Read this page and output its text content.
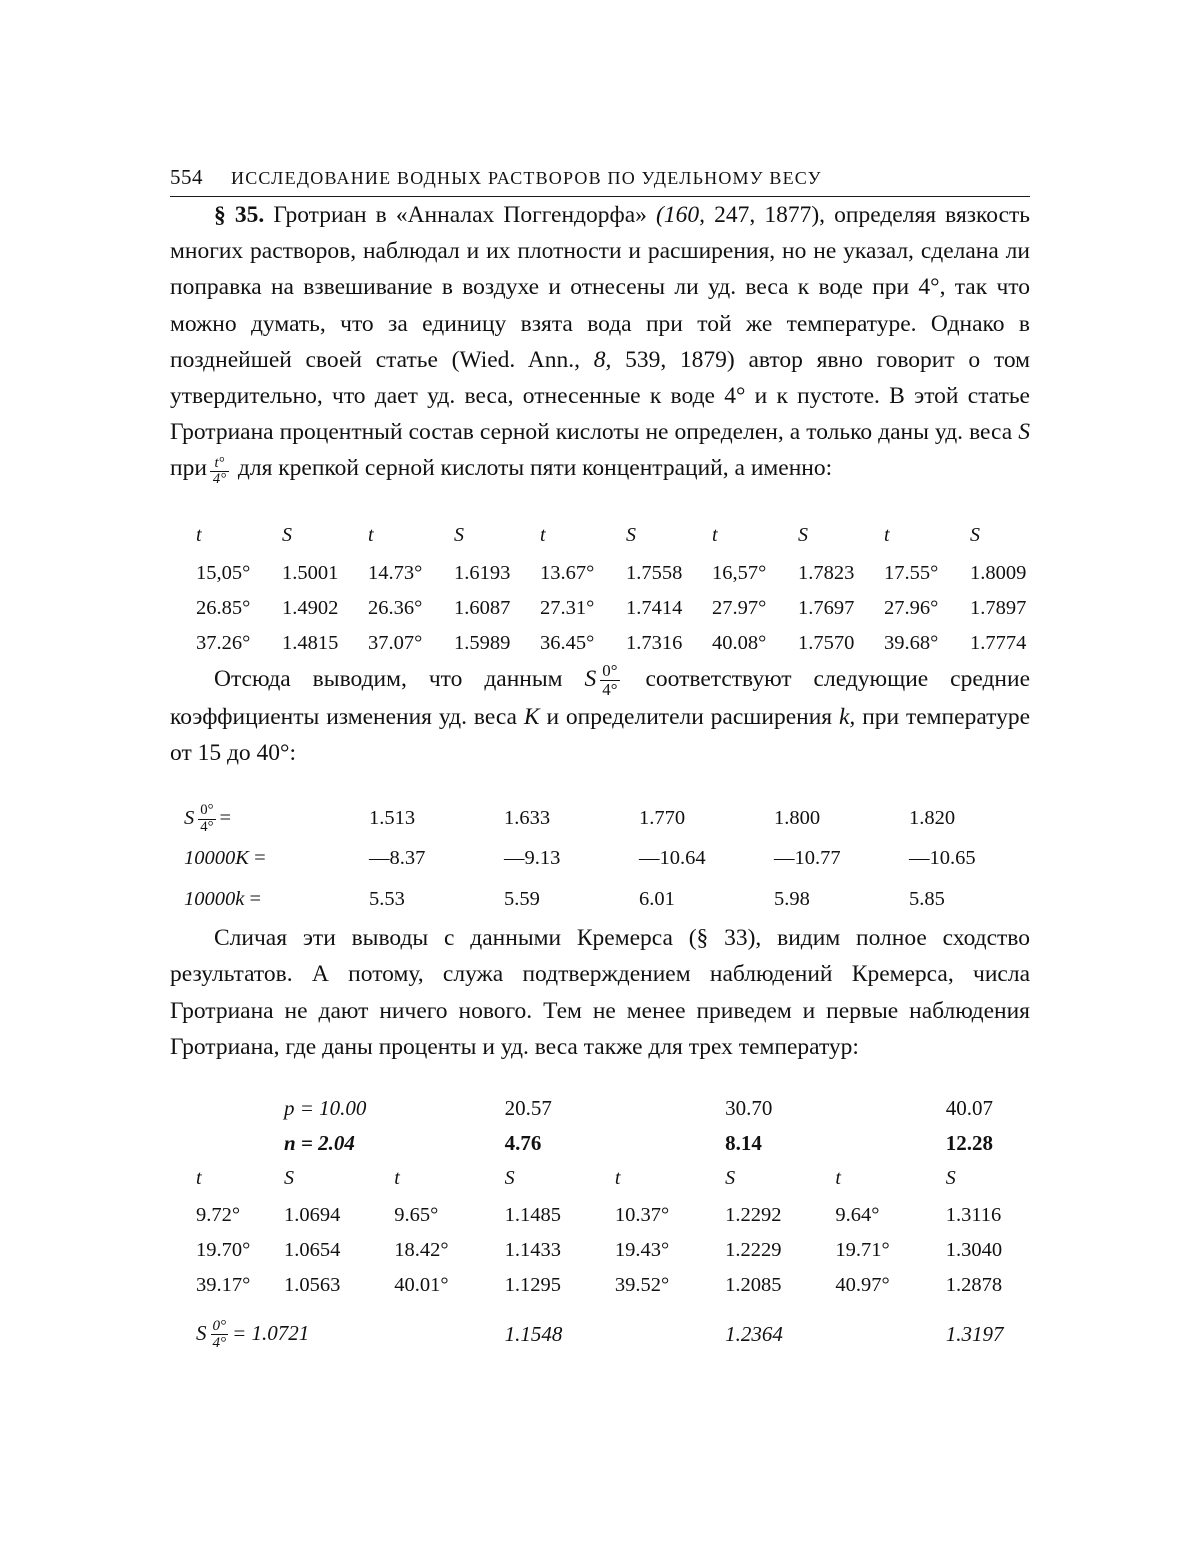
554 ИССЛЕДОВАНИЕ ВОДНЫХ РАСТВОРОВ ПО УДЕЛЬНОМУ ВЕСУ

§ 35. Гротриан в «Анналах Поггендорфа» (160, 247, 1877), определяя вязкость многих растворов, наблюдал и их плотности и расширения, но не указал, сделана ли поправка на взвешивание в воздухе и отнесены ли уд. веса к воде при 4°, так что можно думать, что за единицу взята вода при той же температуре. Однако в позднейшей своей статье (Wied. Ann., 8, 539, 1879) автор явно говорит о том утвердительно, что дает уд. веса, отнесенные к воде 4° и к пустоте. В этой статье Гротриана процентный состав серной кислоты не определен, а только даны уд. веса S при $\frac{t^\circ}{4^\circ}$ для крепкой серной кислоты пяти концентраций, а именно:

t	S	t	S	t	S	t	S	t	S
15,05°	1.5001	14.73°	1.6193	13.67°	1.7558	16,57°	1.7823	17.55°	1.8009
26.85°	1.4902	26.36°	1.6087	27.31°	1.7414	27.97°	1.7697	27.96°	1.7897
37.26°	1.4815	37.07°	1.5989	36.45°	1.7316	40.08°	1.7570	39.68°	1.7774

Отсюда выводим, что данным S $\frac{0^\circ}{4^\circ}$ соответствуют следующие средние коэффициенты изменения уд. веса K и определители расширения k, при температуре от 15 до 40°:

S $\frac{0^\circ}{4^\circ}$ =	1.513	1.633	1.770	1.800	1.820
10000K =	—8.37	—9.13	—10.64	—10.77	—10.65
10000k =	5.53	5.59	6.01	5.98	5.85

Сличая эти выводы с данными Кремерса (§ 33), видим полное сходство результатов. А потому, служа подтверждением наблюдений Кремерса, числа Гротриана не дают ничего нового. Тем не менее приведем и первые наблюдения Гротриана, где даны проценты и уд. веса также для трех температур:

	p = 10.00		20.57		30.70		40.07
	n = 2.04		4.76		8.14		12.28
t	S	t	S	t	S	t	S
9.72°	1.0694	9.65°	1.1485	10.37°	1.2292	9.64°	1.3116
19.70°	1.0654	18.42°	1.1433	19.43°	1.2229	19.71°	1.3040
39.17°	1.0563	40.01°	1.1295	39.52°	1.2085	40.97°	1.2878
S $\frac{0^\circ}{4^\circ} = 1.0721$			1.1548		1.2364		1.3197
